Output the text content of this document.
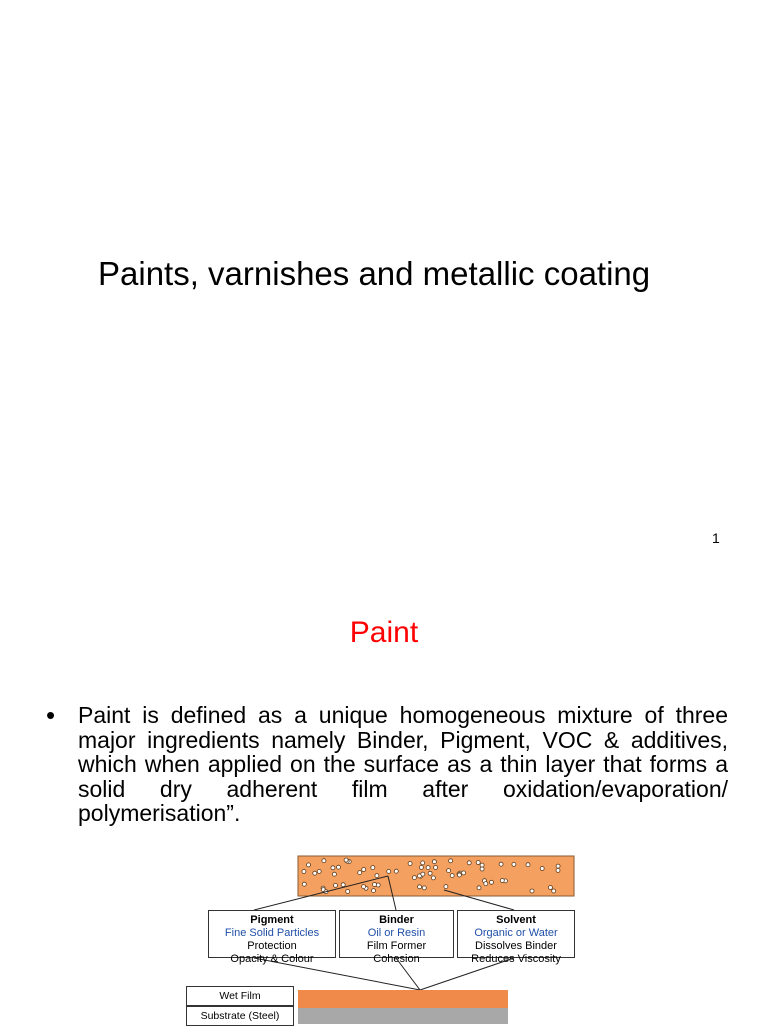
Paints, varnishes and metallic coating
1
Paint
• Paint is defined as a unique homogeneous mixture of three major ingredients namely Binder, Pigment, VOC & additives, which when applied on the surface as a thin layer that forms a solid dry adherent film after oxidation/evaporation/ polymerisation”.
Pigment
Fine Solid Particles
Protection
Opacity & Colour
Binder
Oil or Resin
Film Former
Cohesion
Solvent
Organic or Water
Dissolves Binder
Reduces Viscosity
Wet Film
Substrate (Steel)
